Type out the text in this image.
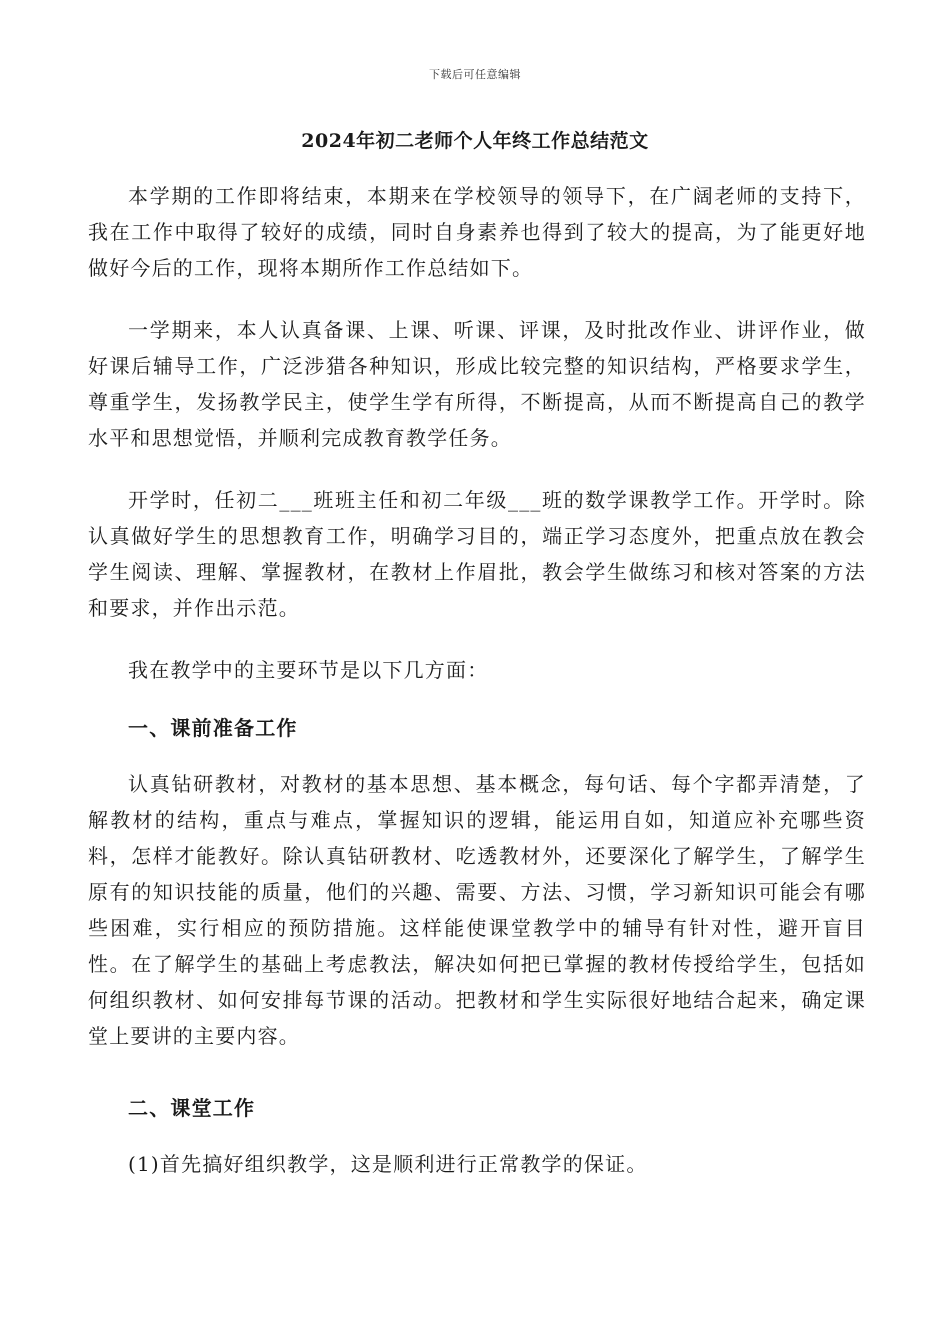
下载后可任意编辑
2024年初二老师个人年终工作总结范文

本学期的工作即将结束，本期来在学校领导的领导下，在广阔老师的支持下，我在工作中取得了较好的成绩，同时自身素养也得到了较大的提高，为了能更好地做好今后的工作，现将本期所作工作总结如下。

一学期来，本人认真备课、上课、听课、评课，及时批改作业、讲评作业，做好课后辅导工作，广泛涉猎各种知识，形成比较完整的知识结构，严格要求学生，尊重学生，发扬教学民主，使学生学有所得，不断提高，从而不断提高自己的教学水平和思想觉悟，并顺利完成教育教学任务。

开学时，任初二___班班主任和初二年级___班的数学课教学工作。开学时。除认真做好学生的思想教育工作，明确学习目的，端正学习态度外，把重点放在教会学生阅读、理解、掌握教材，在教材上作眉批，教会学生做练习和核对答案的方法和要求，并作出示范。

我在教学中的主要环节是以下几方面：

一、课前准备工作

认真钻研教材，对教材的基本思想、基本概念，每句话、每个字都弄清楚，了解教材的结构，重点与难点，掌握知识的逻辑，能运用自如，知道应补充哪些资料，怎样才能教好。除认真钻研教材、吃透教材外，还要深化了解学生，了解学生原有的知识技能的质量，他们的兴趣、需要、方法、习惯，学习新知识可能会有哪些困难，实行相应的预防措施。这样能使课堂教学中的辅导有针对性，避开盲目性。在了解学生的基础上考虑教法，解决如何把已掌握的教材传授给学生，包括如何组织教材、如何安排每节课的活动。把教材和学生实际很好地结合起来，确定课堂上要讲的主要内容。

二、课堂工作

(1)首先搞好组织教学，这是顺利进行正常教学的保证。
